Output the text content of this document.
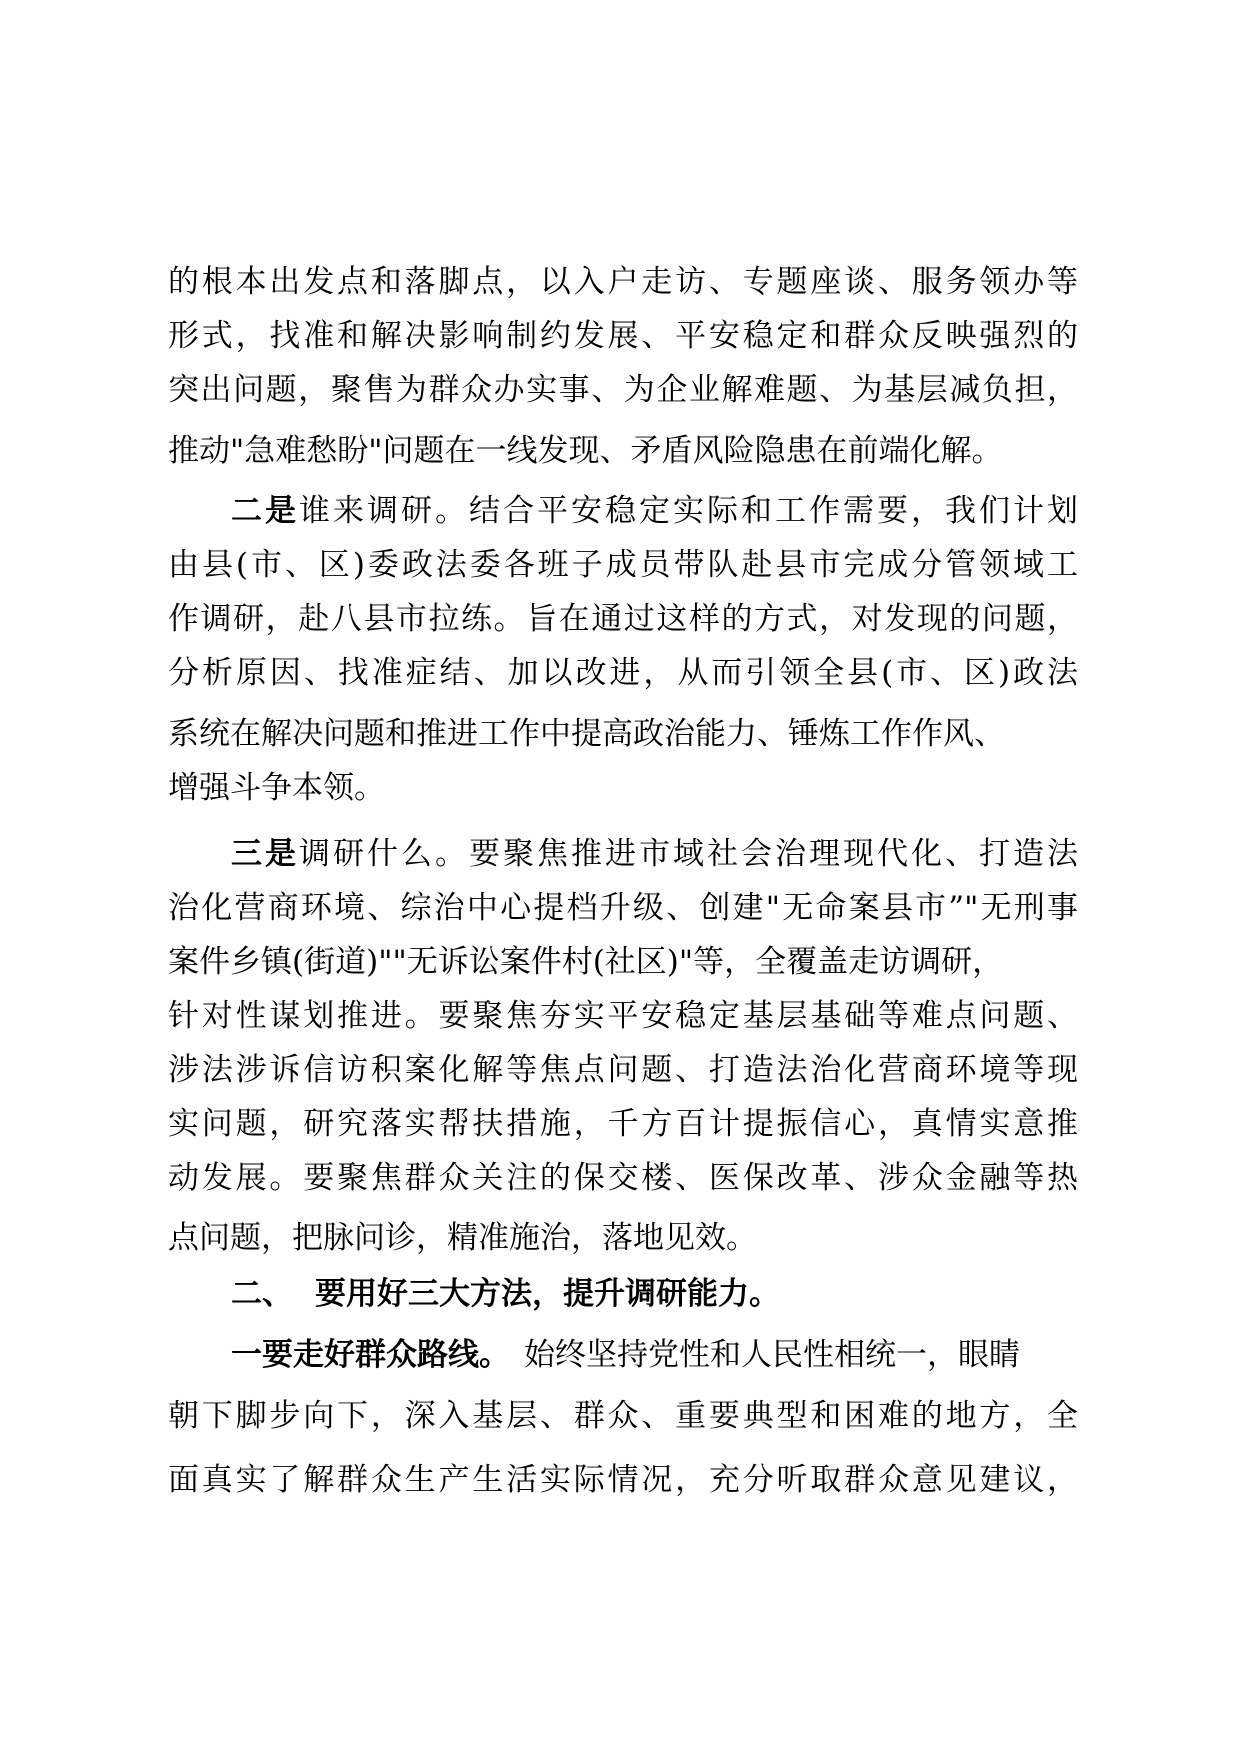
的根本出发点和落脚点，以入户走访、专题座谈、服务领办等
形式，找准和解决影响制约发展、平安稳定和群众反映强烈的
突出问题，聚售为群众办实事、为企业解难题、为基层减负担，
推动"急难愁盼"问题在一线发现、矛盾风险隐患在前端化解。
二是谁来调研。结合平安稳定实际和工作需要，我们计划
由县(市、区)委政法委各班子成员带队赴县市完成分管领域工
作调研，赴八县市拉练。旨在通过这样的方式，对发现的问题，
分析原因、找准症结、加以改进，从而引领全县(市、区)政法
系统在解决问题和推进工作中提高政治能力、锤炼工作作风、
增强斗争本领。
三是调研什么。要聚焦推进市域社会治理现代化、打造法
治化营商环境、综治中心提档升级、创建"无命案县市”"无刑事
案件乡镇(街道)""无诉讼案件村(社区)"等，全覆盖走访调研，
针对性谋划推进。要聚焦夯实平安稳定基层基础等难点问题、
涉法涉诉信访积案化解等焦点问题、打造法治化营商环境等现
实问题，研究落实帮扶措施，千方百计提振信心，真情实意推
动发展。要聚焦群众关注的保交楼、医保改革、涉众金融等热
点问题，把脉问诊，精准施治，落地见效。
二、 要用好三大方法，提升调研能力。
一要走好群众路线。 始终坚持党性和人民性相统一，眼睛
朝下脚步向下，深入基层、群众、重要典型和困难的地方，全
面真实了解群众生产生活实际情况，充分听取群众意见建议，
